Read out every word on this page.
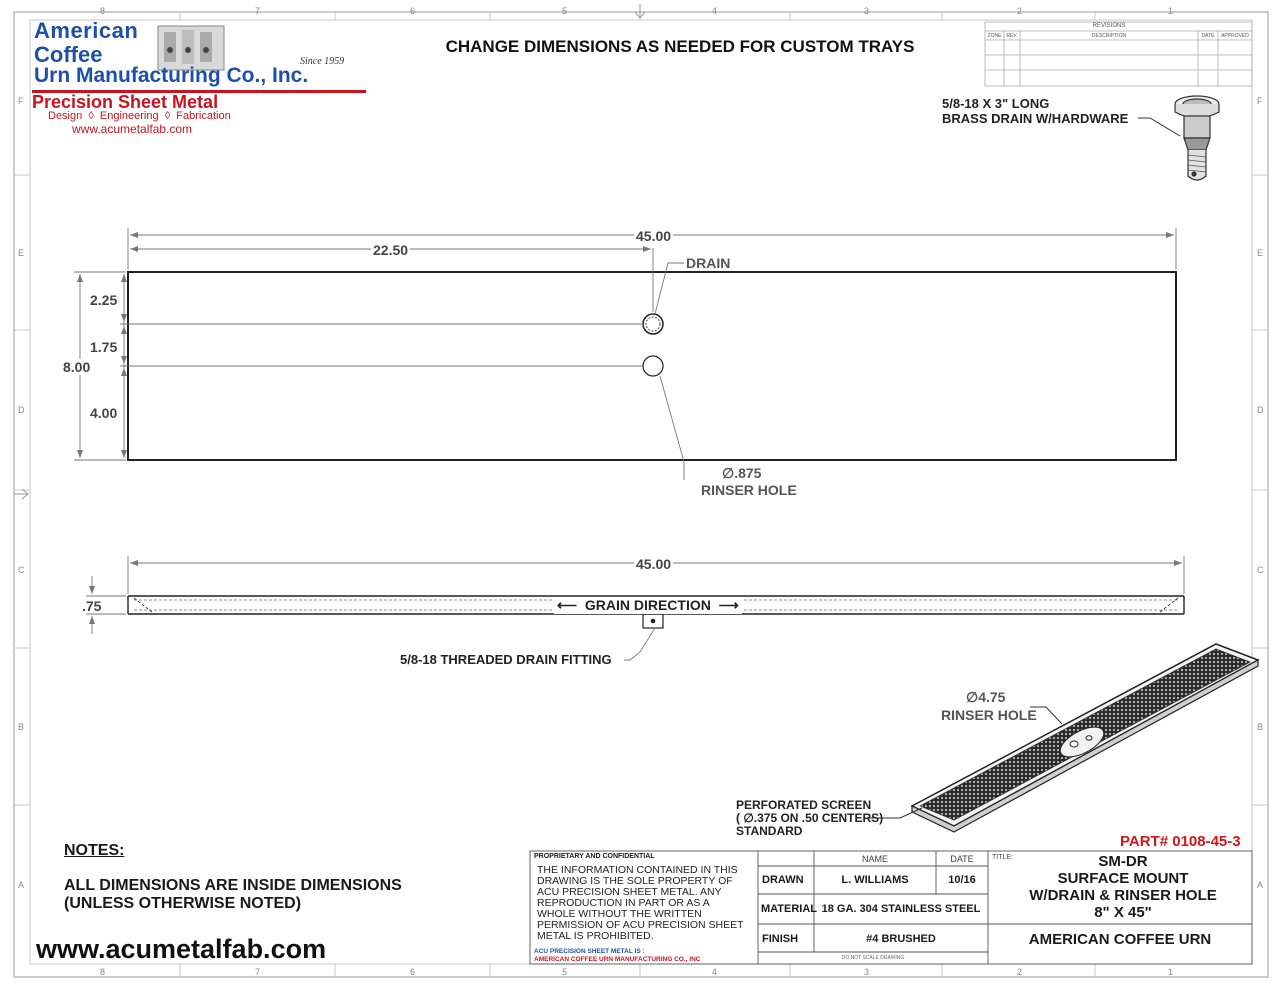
American
Coffee
Urn Manufacturing Co., Inc.
Since 1959
Precision Sheet Metal
Design  ◊  Engineering  ◊  Fabrication
www.acumetalfab.com
CHANGE DIMENSIONS AS NEEDED FOR CUSTOM TRAYS
8	7	6	5	4	3	2	1
8	7	6	5	4	3	2	1
F
E
D
C
B
A
F
E
D
C
B
A
REVISIONS
ZONE REV.	DESCRIPTION	DATE	APPROVED
5/8-18 X 3" LONG
BRASS DRAIN W/HARDWARE
45.00
22.50
2.25
1.75
8.00
4.00
DRAIN
∅.875
RINSER HOLE
45.00
.75	⟵  GRAIN DIRECTION  ⟶
5/8-18 THREADED DRAIN FITTING
∅4.75
RINSER HOLE
PERFORATED SCREEN
( ∅.375 ON .50 CENTERS)
STANDARD
NOTES:
ALL DIMENSIONS ARE INSIDE DIMENSIONS
(UNLESS OTHERWISE NOTED)
www.acumetalfab.com
PART# 0108-45-3
PROPRIETARY AND CONFIDENTIAL
THE INFORMATION CONTAINED IN THIS DRAWING IS THE SOLE PROPERTY OF ACU PRECISION SHEET METAL. ANY REPRODUCTION IN PART OR AS A WHOLE WITHOUT THE WRITTEN PERMISSION OF ACU PRECISION SHEET METAL IS PROHIBITED.
ACU PRECISION SHEET METAL IS :
AMERICAN COFFEE URN MANUFACTURING CO., INC
NAME	DATE	TITLE:
DRAWN	L. WILLIAMS	10/16
MATERIAL 18 GA. 304 STAINLESS STEEL
FINISH	#4 BRUSHED
DO NOT SCALE DRAWING
SM-DR
SURFACE MOUNT
W/DRAIN & RINSER HOLE
8" X 45"
AMERICAN COFFEE URN
